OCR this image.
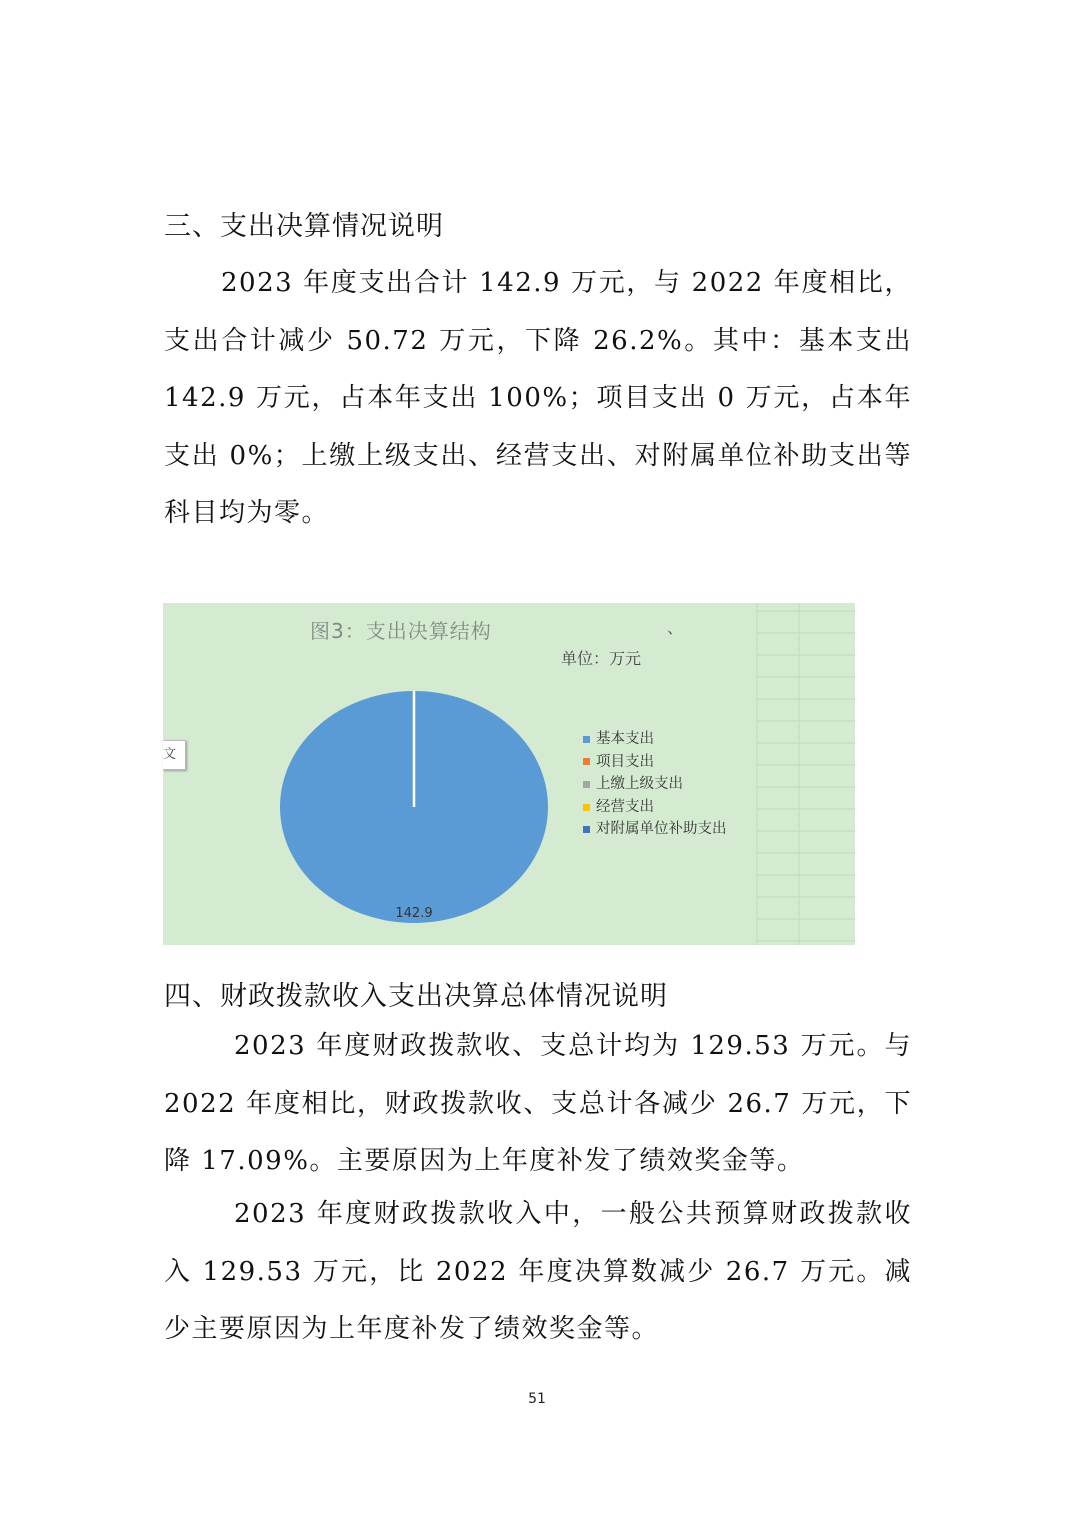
三、支出决算情况说明

2023 年度支出合计 142.9 万元，与 2022 年度相比，支出合计减少 50.72 万元，下降 26.2%。其中：基本支出 142.9 万元，占本年支出 100%；项目支出 0 万元，占本年支出 0%；上缴上级支出、经营支出、对附属单位补助支出等科目均为零。

图3：支出决算结构	、
单位：万元
142.9
基本支出
项目支出
上缴上级支出
经营支出
对附属单位补助支出
文
四、财政拨款收入支出决算总体情况说明

2023 年度财政拨款收、支总计均为 129.53 万元。与 2022 年度相比，财政拨款收、支总计各减少 26.7 万元，下降 17.09%。主要原因为上年度补发了绩效奖金等。

2023 年度财政拨款收入中，一般公共预算财政拨款收入 129.53 万元，比 2022 年度决算数减少 26.7 万元。减少主要原因为上年度补发了绩效奖金等。

51
